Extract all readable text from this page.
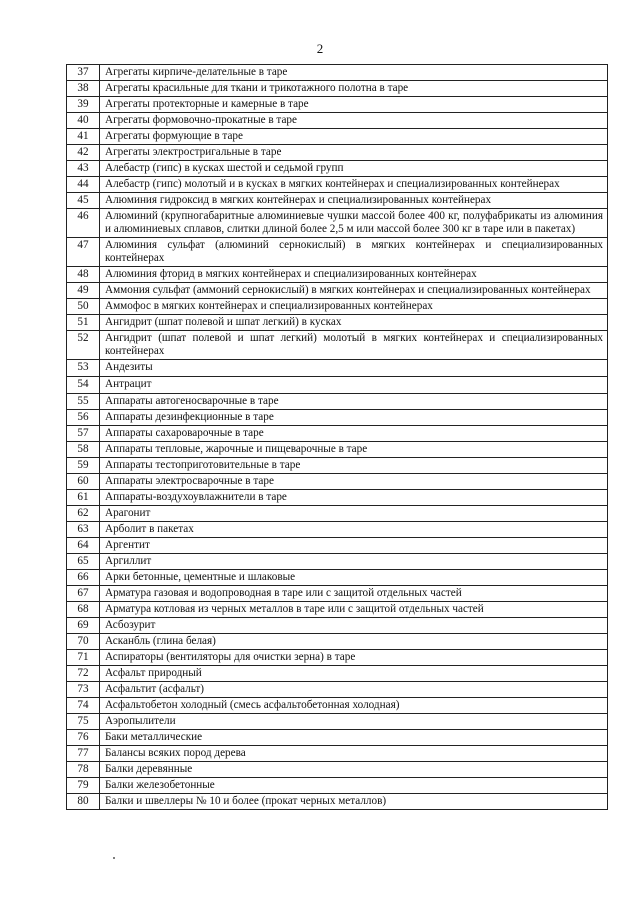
2
37	Агрегаты кирпиче-делательные в таре
38	Агрегаты красильные для ткани и трикотажного полотна в таре
39	Агрегаты протекторные и камерные в таре
40	Агрегаты формовочно-прокатные в таре
41	Агрегаты формующие в таре
42	Агрегаты электростригальные в таре
43	Алебастр (гипс) в кусках шестой и седьмой групп
44	Алебастр (гипс) молотый и в кусках в мягких контейнерах и специализированных контейнерах
45	Алюминия гидроксид в мягких контейнерах и специализированных контейнерах
46	Алюминий (крупногабаритные алюминиевые чушки массой более 400 кг, полуфабрикаты из алюминия и алюминиевых сплавов, слитки длиной более 2,5 м или массой более 300 кг в таре или в пакетах)
47	Алюминия сульфат (алюминий сернокислый) в мягких контейнерах и специализированных контейнерах
48	Алюминия фторид в мягких контейнерах и специализированных контейнерах
49	Аммония сульфат (аммоний сернокислый) в мягких контейнерах и специализированных контейнерах
50	Аммофос в мягких контейнерах и специализированных контейнерах
51	Ангидрит (шпат полевой и шпат легкий) в кусках
52	Ангидрит (шпат полевой и шпат легкий) молотый в мягких контейнерах и специализированных контейнерах
53	Андезиты
54	Антрацит
55	Аппараты автогеносварочные в таре
56	Аппараты дезинфекционные в таре
57	Аппараты сахароварочные в таре
58	Аппараты тепловые, жарочные и пищеварочные в таре
59	Аппараты тестоприготовительные в таре
60	Аппараты электросварочные в таре
61	Аппараты-воздухоувлажнители в таре
62	Арагонит
63	Арболит в пакетах
64	Аргентит
65	Аргиллит
66	Арки бетонные, цементные и шлаковые
67	Арматура газовая и водопроводная в таре или с защитой отдельных частей
68	Арматура котловая из черных металлов в таре или с защитой отдельных частей
69	Асбозурит
70	Асканбль (глина белая)
71	Аспираторы (вентиляторы для очистки зерна) в таре
72	Асфальт природный
73	Асфальтит (асфальт)
74	Асфальтобетон холодный (смесь асфальтобетонная холодная)
75	Аэропылители
76	Баки металлические
77	Балансы всяких пород дерева
78	Балки деревянные
79	Балки железобетонные
80	Балки и швеллеры № 10 и более (прокат черных металлов)
